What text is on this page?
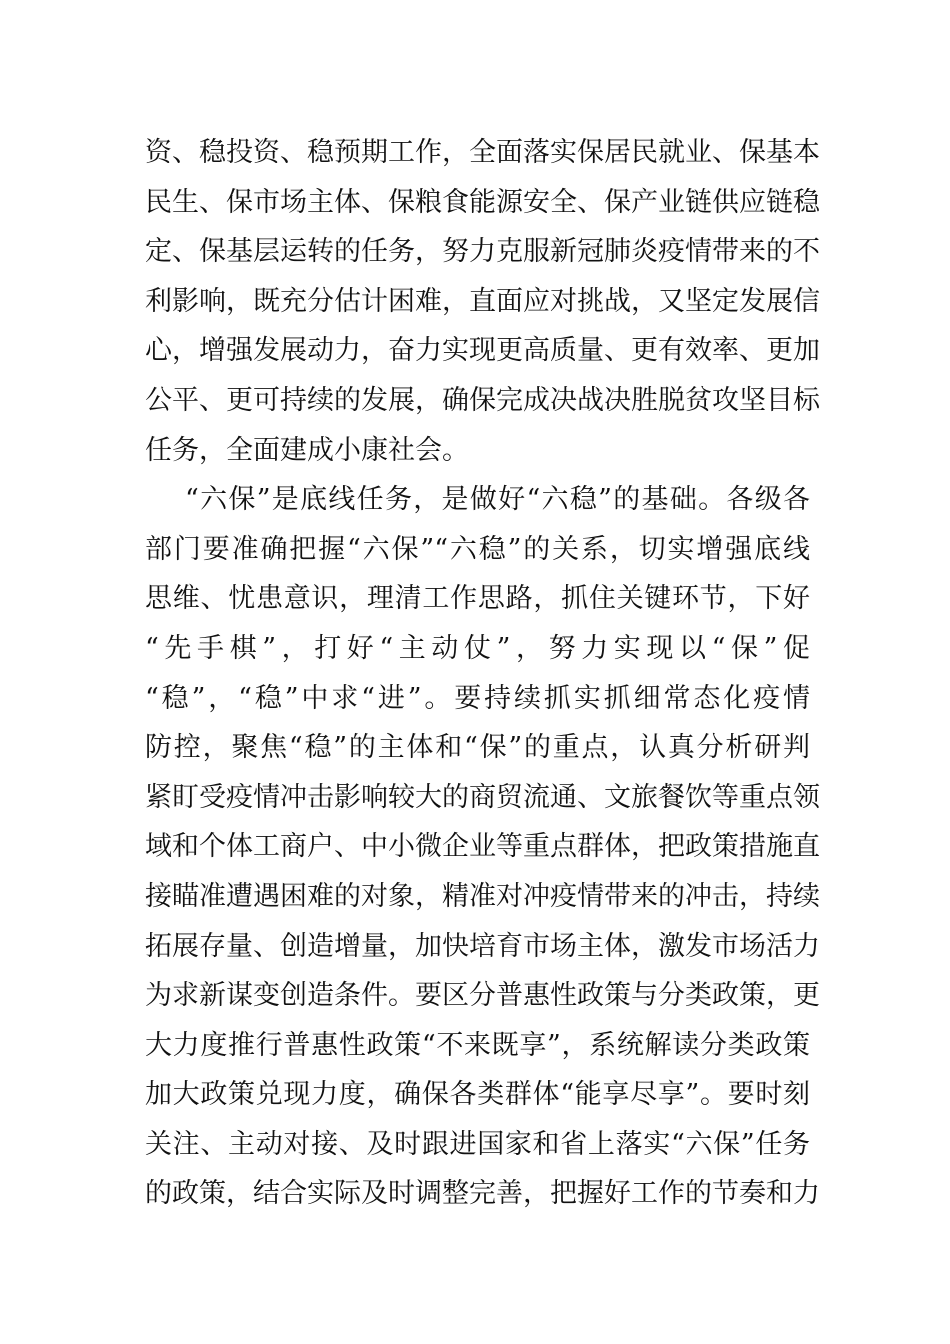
资、稳投资、稳预期工作，全面落实保居民就业、保基本
民生、保市场主体、保粮食能源安全、保产业链供应链稳
定、保基层运转的任务，努力克服新冠肺炎疫情带来的不
利影响，既充分估计困难，直面应对挑战，又坚定发展信
心，增强发展动力，奋力实现更高质量、更有效率、更加
公平、更可持续的发展，确保完成决战决胜脱贫攻坚目标
任务，全面建成小康社会。
“六保”是底线任务，是做好“六稳”的基础。各级各
部门要准确把握“六保”“六稳”的关系，切实增强底线
思维、忧患意识，理清工作思路，抓住关键环节，下好
“先手棋”，打好“主动仗”，努力实现以“保”促
“稳”，“稳”中求“进”。要持续抓实抓细常态化疫情
防控，聚焦“稳”的主体和“保”的重点，认真分析研判
紧盯受疫情冲击影响较大的商贸流通、文旅餐饮等重点领
域和个体工商户、中小微企业等重点群体，把政策措施直
接瞄准遭遇困难的对象，精准对冲疫情带来的冲击，持续
拓展存量、创造增量，加快培育市场主体，激发市场活力
为求新谋变创造条件。要区分普惠性政策与分类政策，更
大力度推行普惠性政策“不来既享”，系统解读分类政策
加大政策兑现力度，确保各类群体“能享尽享”。要时刻
关注、主动对接、及时跟进国家和省上落实“六保”任务
的政策，结合实际及时调整完善，把握好工作的节奏和力
